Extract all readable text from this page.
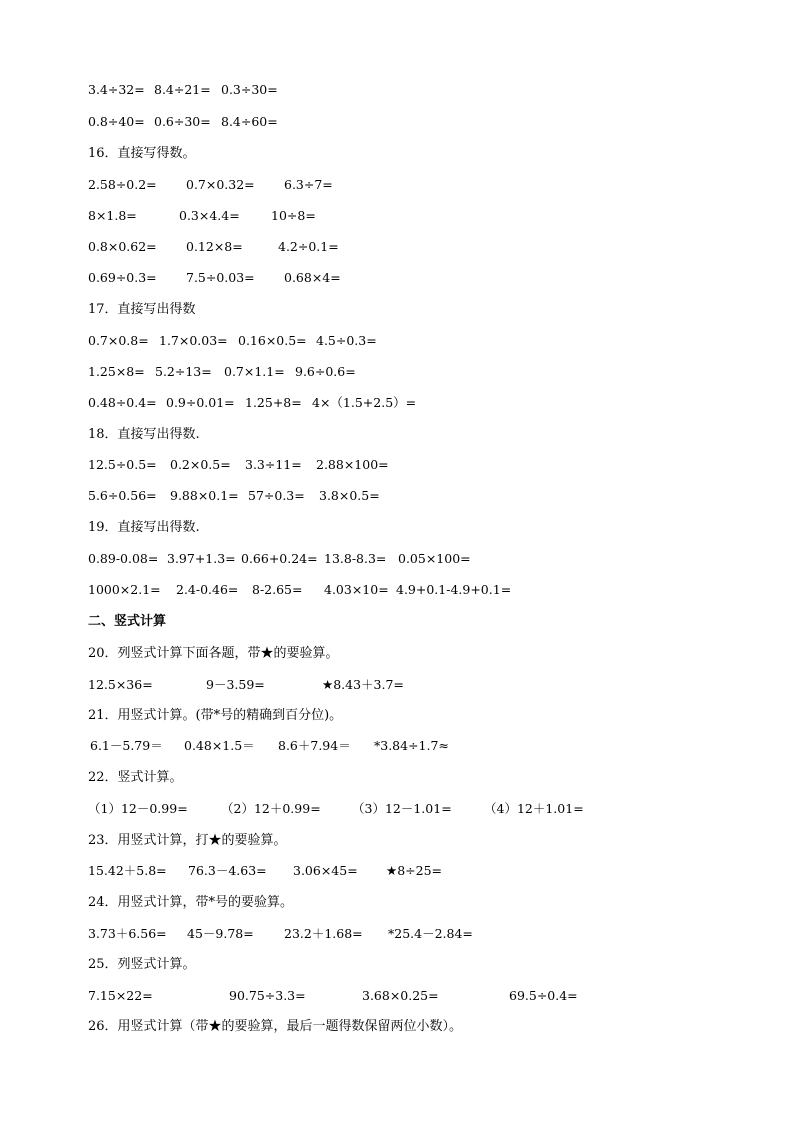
3.4÷32= 8.4÷21= 0.3÷30=
0.8÷40= 0.6÷30= 8.4÷60=
16．直接写得数。
2.58÷0.2= 0.7×0.32= 6.3÷7=
8×1.8=	0.3×4.4=	10÷8=
0.8×0.62= 0.12×8=	4.2÷0.1=
0.69÷0.3= 7.5÷0.03= 0.68×4=
17．直接写出得数
0.7×0.8= 1.7×0.03= 0.16×0.5= 4.5÷0.3=
1.25×8= 5.2÷13= 0.7×1.1= 9.6÷0.6=
0.48÷0.4= 0.9÷0.01= 1.25+8= 4×（1.5+2.5）=
18．直接写出得数.
12.5÷0.5= 0.2×0.5= 3.3÷11= 2.88×100=
5.6÷0.56= 9.88×0.1= 57÷0.3= 3.8×0.5=
19．直接写出得数.
0.89-0.08= 3.97+1.3= 0.66+0.24= 13.8-8.3= 0.05×100=
1000×2.1= 2.4-0.46= 8-2.65= 4.03×10= 4.9+0.1-4.9+0.1=
二、竖式计算
20．列竖式计算下面各题，带★的要验算。
12.5×36=	9－3.59=	★8.43＋3.7=
21．用竖式计算。(带*号的精确到百分位)。
6.1－5.79＝ 0.48×1.5＝ 8.6＋7.94＝ *3.84÷1.7≈
22．竖式计算。
（1）12－0.99=	（2）12＋0.99=	（3）12－1.01=	（4）12＋1.01=
23．用竖式计算，打★的要验算。
15.42＋5.8= 76.3－4.63= 3.06×45= ★8÷25=
24．用竖式计算，带*号的要验算。
3.73＋6.56= 45－9.78= 23.2＋1.68= *25.4－2.84=
25．列竖式计算。
7.15×22=	90.75÷3.3=	3.68×0.25=	69.5÷0.4=
26．用竖式计算（带★的要验算，最后一题得数保留两位小数）。
